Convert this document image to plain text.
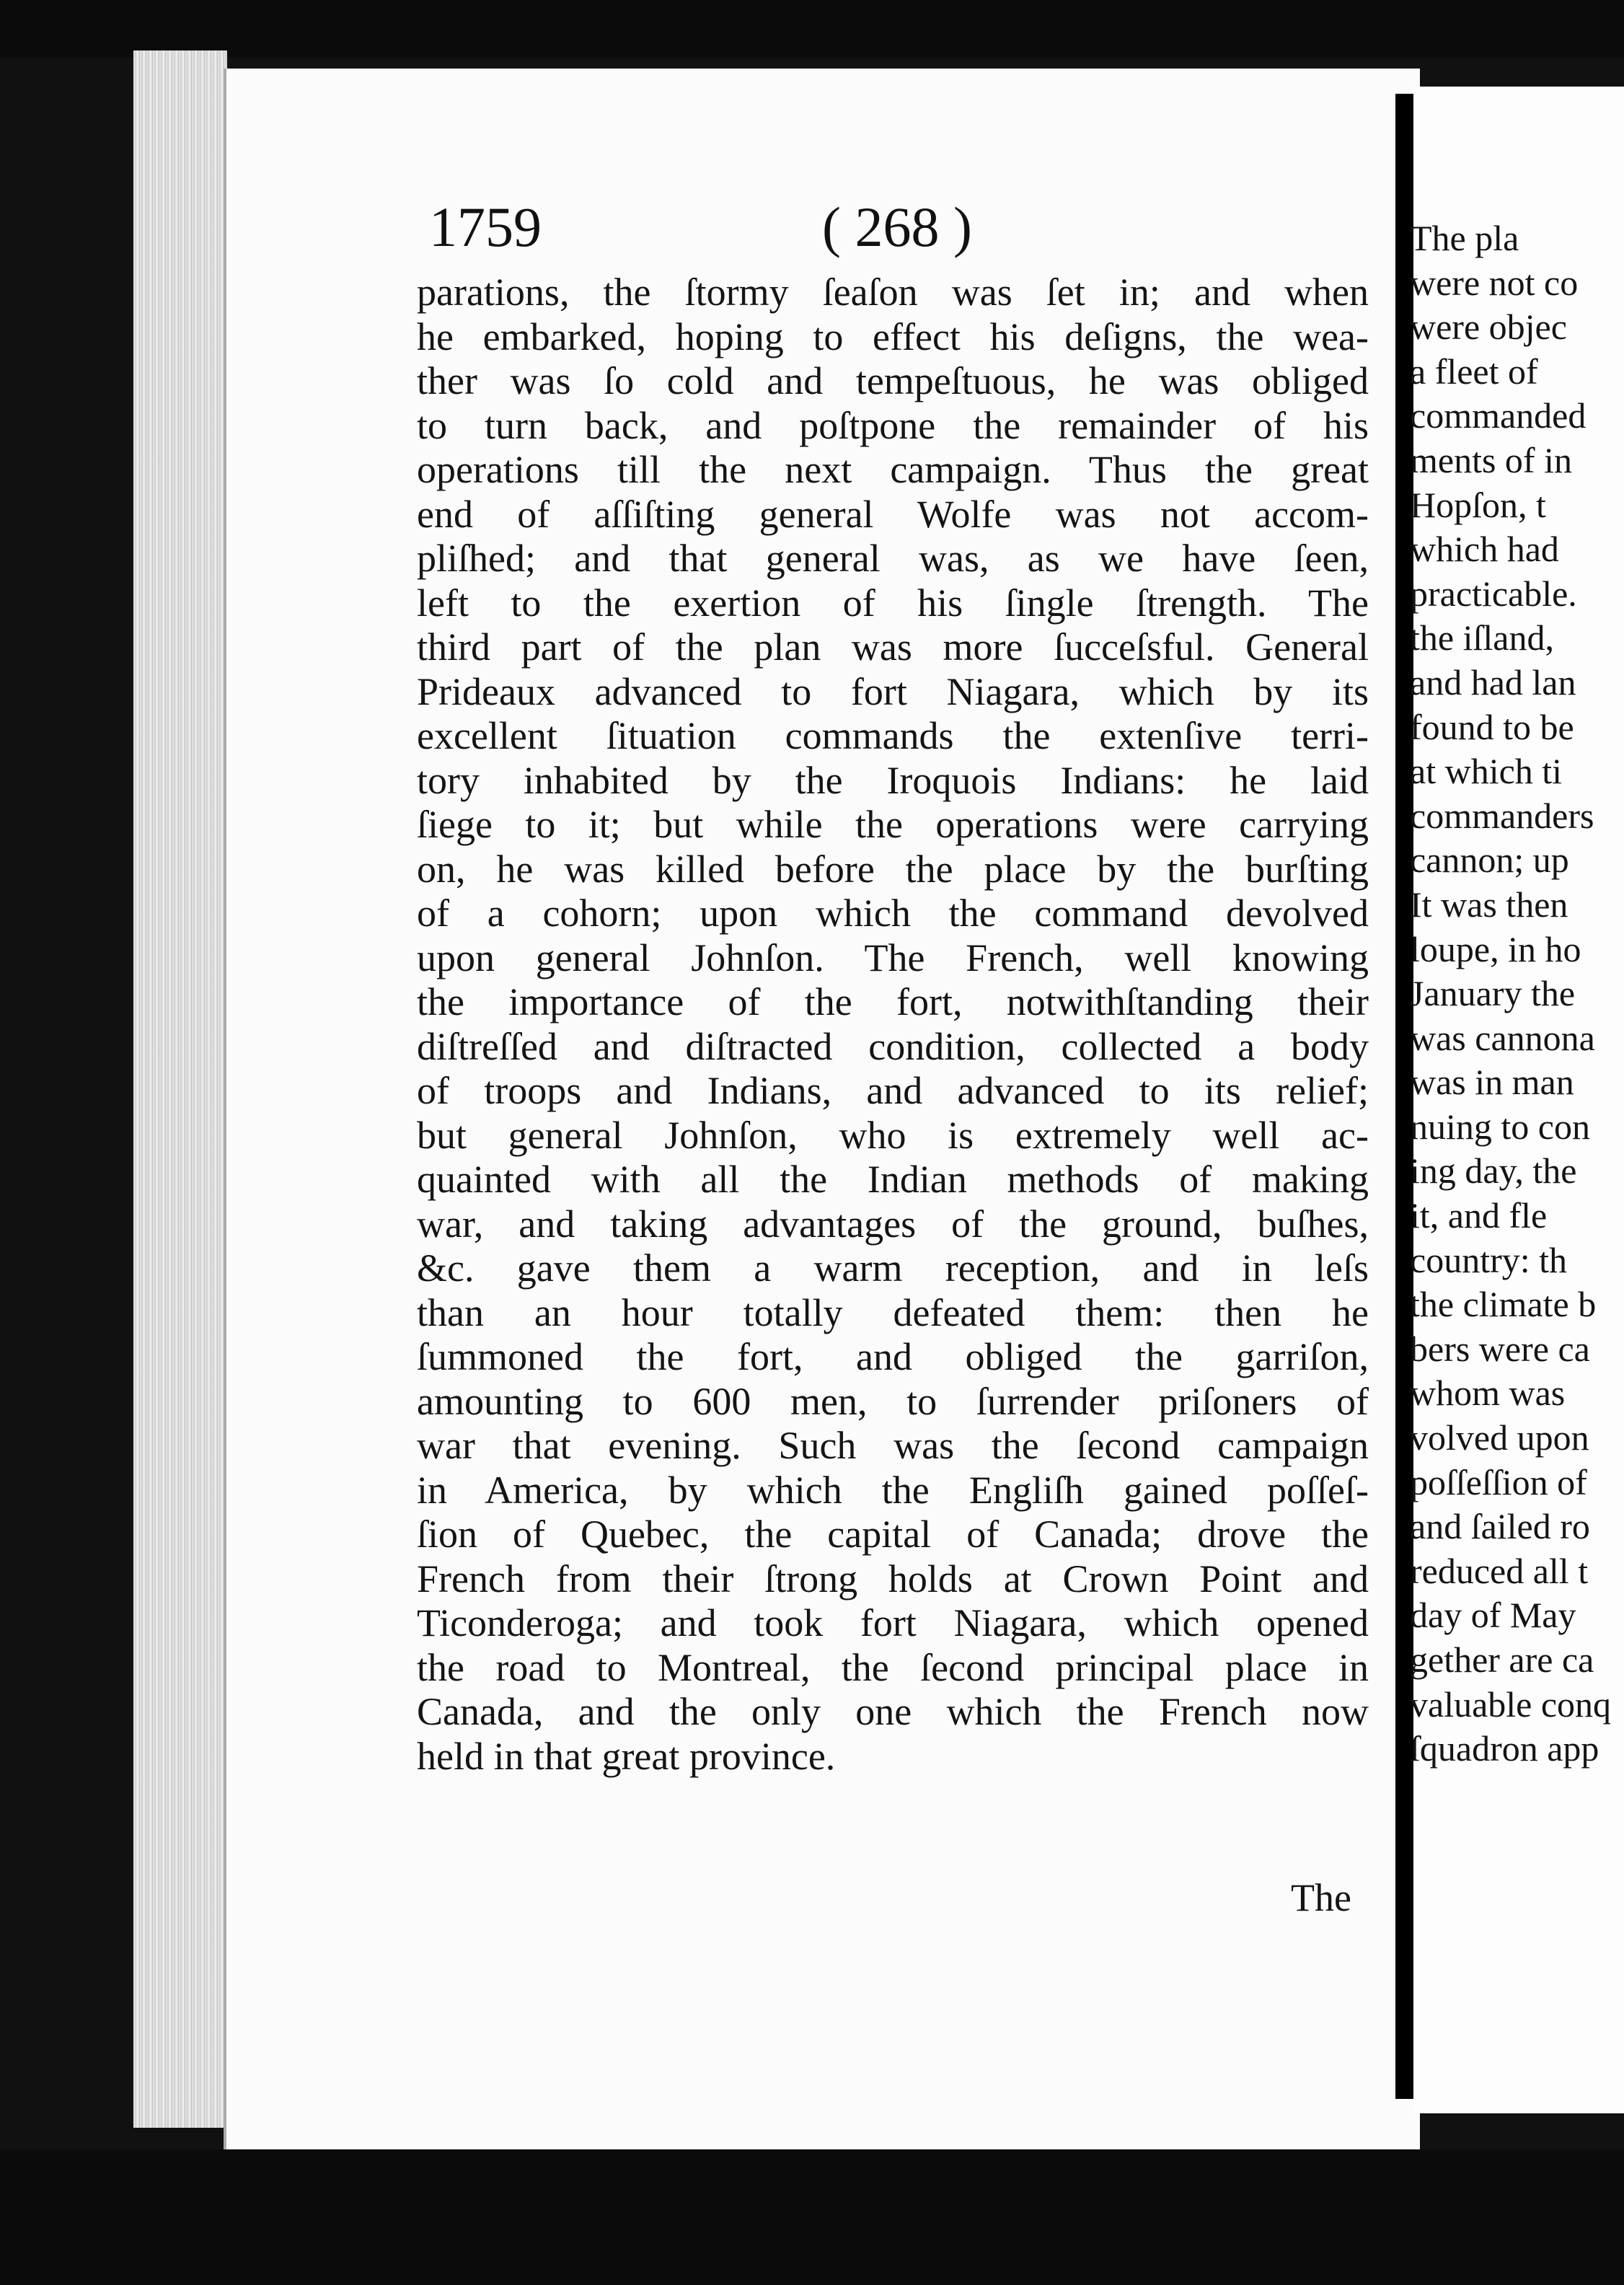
1759	( 268 )
parations, the ſtormy ſeaſon was ſet in; and when
he embarked, hoping to effect his deſigns, the wea-
ther was ſo cold and tempeſtuous, he was obliged
to turn back, and poſtpone the remainder of his
operations till the next campaign. Thus the great
end of aſſiſting general Wolfe was not accom-
pliſhed; and that general was, as we have ſeen,
left to the exertion of his ſingle ſtrength. The
third part of the plan was more ſucceſsful. General
Prideaux advanced to fort Niagara, which by its
excellent ſituation commands the extenſive terri-
tory inhabited by the Iroquois Indians: he laid
ſiege to it; but while the operations were carrying
on, he was killed before the place by the burſting
of a cohorn; upon which the command devolved
upon general Johnſon. The French, well knowing
the importance of the fort, notwithſtanding their
diſtreſſed and diſtracted condition, collected a body
of troops and Indians, and advanced to its relief;
but general Johnſon, who is extremely well ac-
quainted with all the Indian methods of making
war, and taking advantages of the ground, buſhes,
&c. gave them a warm reception, and in leſs
than an hour totally defeated them: then he
ſummoned the fort, and obliged the garriſon,
amounting to 600 men, to ſurrender priſoners of
war that evening. Such was the ſecond campaign
in America, by which the Engliſh gained poſſeſ-
ſion of Quebec, the capital of Canada; drove the
French from their ſtrong holds at Crown Point and
Ticonderoga; and took fort Niagara, which opened
the road to Montreal, the ſecond principal place in
Canada, and the only one which the French now
held in that great province.
The
The pla
were not co
were objec
a fleet of
commanded
ments of in
Hopſon, t
which had
practicable.
the iſland,
and had lan
found to be
at which ti
commanders
cannon; up
It was then
loupe, in ho
January the
was cannona
was in man
nuing to con
ing day, the
it, and fle
country: th
the climate b
bers were ca
whom was
volved upon
poſſeſſion of
and ſailed ro
reduced all t
day of May
gether are ca
valuable conq
ſquadron app
